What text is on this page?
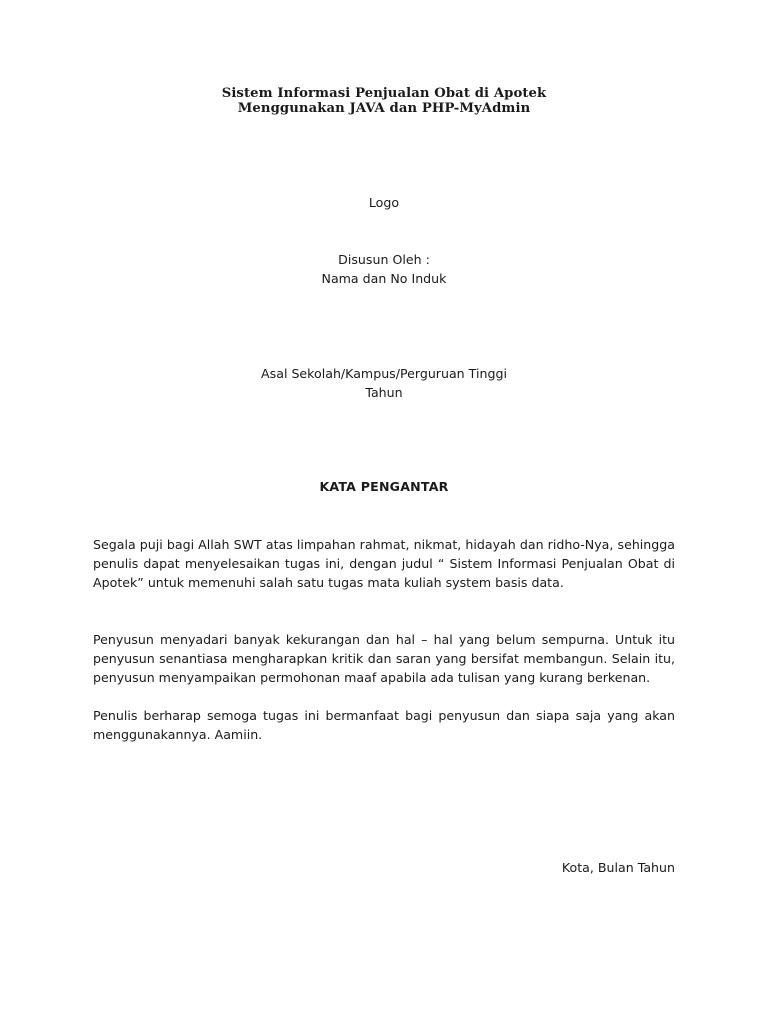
Sistem Informasi Penjualan Obat di Apotek
Menggunakan JAVA dan PHP-MyAdmin
Logo
Disusun Oleh :
Nama dan No Induk
Asal Sekolah/Kampus/Perguruan Tinggi
Tahun
KATA PENGANTAR

Segala puji bagi Allah SWT atas limpahan rahmat, nikmat, hidayah dan ridho-Nya, sehingga penulis dapat menyelesaikan tugas ini, dengan judul “ Sistem Informasi Penjualan Obat di Apotek” untuk memenuhi salah satu tugas mata kuliah system basis data.

Penyusun menyadari banyak kekurangan dan hal – hal yang belum sempurna. Untuk itu penyusun senantiasa mengharapkan kritik dan saran yang bersifat membangun. Selain itu, penyusun menyampaikan permohonan maaf apabila ada tulisan yang kurang berkenan.

Penulis berharap semoga tugas ini bermanfaat bagi penyusun dan siapa saja yang akan menggunakannya. Aamiin.

Kota, Bulan Tahun
